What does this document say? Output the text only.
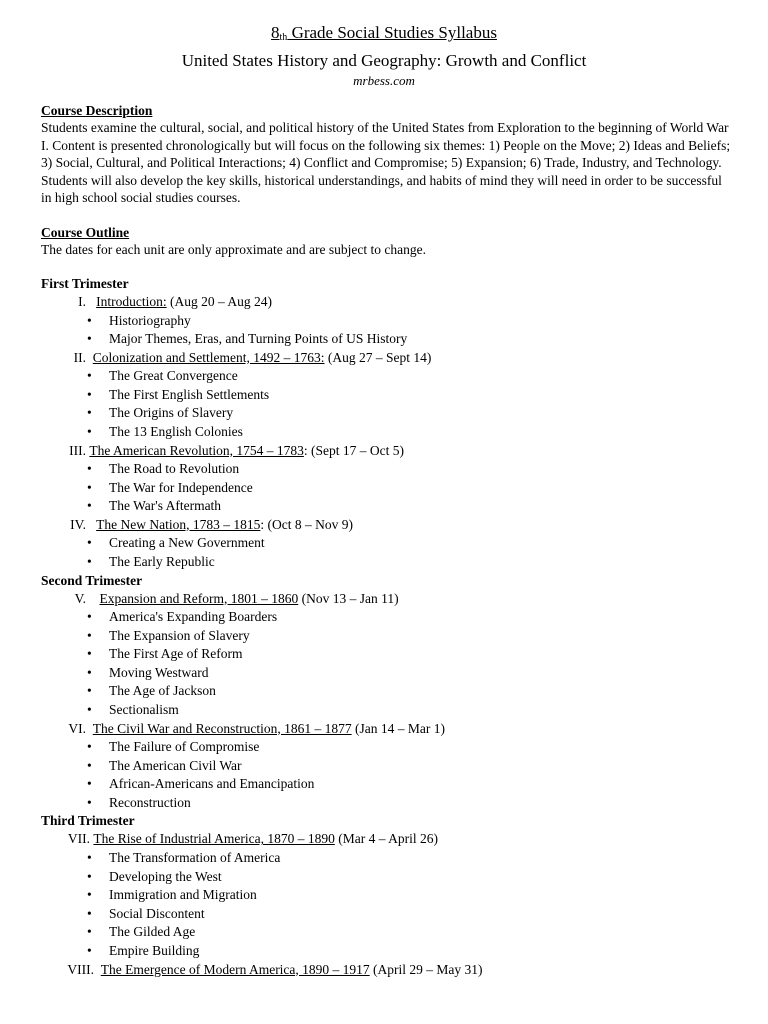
$8_{th}$ Grade Social Studies Syllabus
United States History and Geography: Growth and Conflict
mrbess.com
Course Description
Students examine the cultural, social, and political history of the United States from Exploration to the beginning of World War I. Content is presented chronologically but will focus on the following six themes: 1) People on the Move; 2) Ideas and Beliefs; 3) Social, Cultural, and Political Interactions; 4) Conflict and Compromise; 5) Expansion; 6) Trade, Industry, and Technology. Students will also develop the key skills, historical understandings, and habits of mind they will need in order to be successful in high school social studies courses.
Course Outline
The dates for each unit are only approximate and are subject to change.
First Trimester
I. Introduction: (Aug 20 – Aug 24)
• Historiography
• Major Themes, Eras, and Turning Points of US History
II. Colonization and Settlement, 1492 – 1763: (Aug 27 – Sept 14)
• The Great Convergence
• The First English Settlements
• The Origins of Slavery
• The 13 English Colonies
III. The American Revolution, 1754 – 1783: (Sept 17 – Oct 5)
• The Road to Revolution
• The War for Independence
• The War's Aftermath
IV. The New Nation, 1783 – 1815: (Oct 8 – Nov 9)
• Creating a New Government
• The Early Republic
Second Trimester
V. Expansion and Reform, 1801 – 1860 (Nov 13 – Jan 11)
• America's Expanding Boarders
• The Expansion of Slavery
• The First Age of Reform
• Moving Westward
• The Age of Jackson
• Sectionalism
VI. The Civil War and Reconstruction, 1861 – 1877 (Jan 14 – Mar 1)
• The Failure of Compromise
• The American Civil War
• African-Americans and Emancipation
• Reconstruction
Third Trimester
VII. The Rise of Industrial America, 1870 – 1890 (Mar 4 – April 26)
• The Transformation of America
• Developing the West
• Immigration and Migration
• Social Discontent
• The Gilded Age
• Empire Building
VIII. The Emergence of Modern America, 1890 – 1917 (April 29 – May 31)
